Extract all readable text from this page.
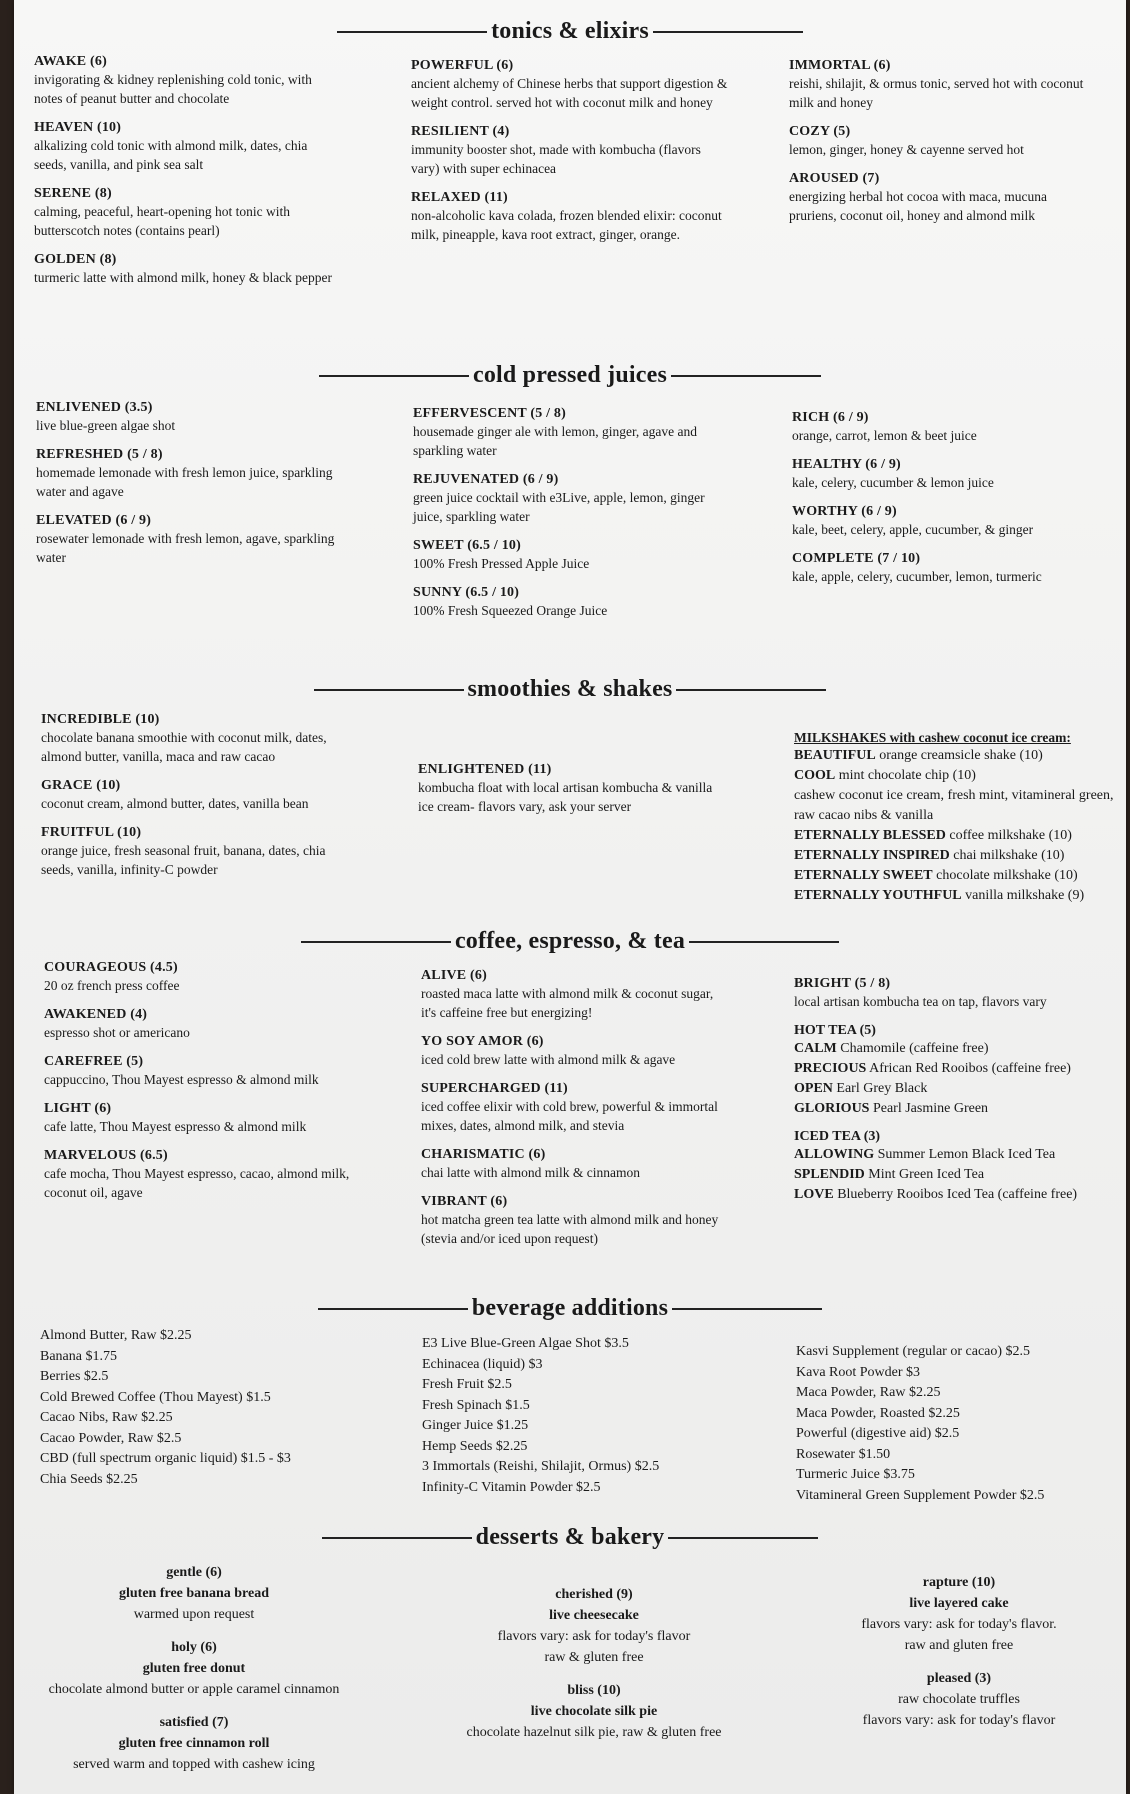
tonics & elixirs
AWAKE (6)
invigorating & kidney replenishing cold tonic, with notes of peanut butter and chocolate
HEAVEN (10)
alkalizing cold tonic with almond milk, dates, chia seeds, vanilla, and pink sea salt
SERENE (8)
calming, peaceful, heart-opening hot tonic with butterscotch notes (contains pearl)
GOLDEN (8)
turmeric latte with almond milk, honey & black pepper
POWERFUL (6)
ancient alchemy of Chinese herbs that support digestion & weight control. served hot with coconut milk and honey
RESILIENT (4)
immunity booster shot, made with kombucha (flavors vary) with super echinacea
RELAXED (11)
non-alcoholic kava colada, frozen blended elixir: coconut milk, pineapple, kava root extract, ginger, orange.
IMMORTAL (6)
reishi, shilajit, & ormus tonic, served hot with coconut milk and honey
COZY (5)
lemon, ginger, honey & cayenne served hot
AROUSED (7)
energizing herbal hot cocoa with maca, mucuna pruriens, coconut oil, honey and almond milk
cold pressed juices
ENLIVENED (3.5)
live blue-green algae shot
REFRESHED (5 / 8)
homemade lemonade with fresh lemon juice, sparkling water and agave
ELEVATED (6 / 9)
rosewater lemonade with fresh lemon, agave, sparkling water
EFFERVESCENT (5 / 8)
housemade ginger ale with lemon, ginger, agave and sparkling water
REJUVENATED (6 / 9)
green juice cocktail with e3Live, apple, lemon, ginger juice, sparkling water
SWEET (6.5 / 10)
100% Fresh Pressed Apple Juice
SUNNY (6.5 / 10)
100% Fresh Squeezed Orange Juice
RICH (6 / 9)
orange, carrot, lemon & beet juice
HEALTHY (6 / 9)
kale, celery, cucumber & lemon juice
WORTHY (6 / 9)
kale, beet, celery, apple, cucumber, & ginger
COMPLETE (7 / 10)
kale, apple, celery, cucumber, lemon, turmeric
smoothies & shakes
INCREDIBLE (10)
chocolate banana smoothie with coconut milk, dates, almond butter, vanilla, maca and raw cacao
GRACE (10)
coconut cream, almond butter, dates, vanilla bean
FRUITFUL (10)
orange juice, fresh seasonal fruit, banana, dates, chia seeds, vanilla, infinity-C powder
ENLIGHTENED (11)
kombucha float with local artisan kombucha & vanilla ice cream- flavors vary, ask your server
MILKSHAKES with cashew coconut ice cream:
BEAUTIFUL orange creamsicle shake (10)
COOL mint chocolate chip (10)
cashew coconut ice cream, fresh mint, vitamineral green, raw cacao nibs & vanilla
ETERNALLY BLESSED coffee milkshake (10)
ETERNALLY INSPIRED chai milkshake (10)
ETERNALLY SWEET chocolate milkshake (10)
ETERNALLY YOUTHFUL vanilla milkshake (9)
coffee, espresso, & tea
COURAGEOUS (4.5)
20 oz french press coffee
AWAKENED (4)
espresso shot or americano
CAREFREE (5)
cappuccino, Thou Mayest espresso & almond milk
LIGHT (6)
cafe latte, Thou Mayest espresso & almond milk
MARVELOUS (6.5)
cafe mocha, Thou Mayest espresso, cacao, almond milk, coconut oil, agave
ALIVE (6)
roasted maca latte with almond milk & coconut sugar, it's caffeine free but energizing!
YO SOY AMOR (6)
iced cold brew latte with almond milk & agave
SUPERCHARGED (11)
iced coffee elixir with cold brew, powerful & immortal mixes, dates, almond milk, and stevia
CHARISMATIC (6)
chai latte with almond milk & cinnamon
VIBRANT (6)
hot matcha green tea latte with almond milk and honey (stevia and/or iced upon request)
BRIGHT (5 / 8)
local artisan kombucha tea on tap, flavors vary
HOT TEA (5)
CALM Chamomile (caffeine free)
PRECIOUS African Red Rooibos (caffeine free)
OPEN Earl Grey Black
GLORIOUS Pearl Jasmine Green
ICED TEA (3)
ALLOWING Summer Lemon Black Iced Tea
SPLENDID Mint Green Iced Tea
LOVE Blueberry Rooibos Iced Tea (caffeine free)
beverage additions
Almond Butter, Raw $2.25
Banana $1.75
Berries $2.5
Cold Brewed Coffee (Thou Mayest) $1.5
Cacao Nibs, Raw $2.25
Cacao Powder, Raw $2.5
CBD (full spectrum organic liquid) $1.5 - $3
Chia Seeds $2.25
E3 Live Blue-Green Algae Shot $3.5
Echinacea (liquid) $3
Fresh Fruit $2.5
Fresh Spinach $1.5
Ginger Juice $1.25
Hemp Seeds $2.25
3 Immortals (Reishi, Shilajit, Ormus) $2.5
Infinity-C Vitamin Powder $2.5
Kasvi Supplement (regular or cacao) $2.5
Kava Root Powder $3
Maca Powder, Raw $2.25
Maca Powder, Roasted $2.25
Powerful (digestive aid) $2.5
Rosewater $1.50
Turmeric Juice $3.75
Vitamineral Green Supplement Powder $2.5
desserts & bakery
gentle (6)
gluten free banana bread
warmed upon request
holy (6)
gluten free donut
chocolate almond butter or apple caramel cinnamon
satisfied (7)
gluten free cinnamon roll
served warm and topped with cashew icing
cherished (9)
live cheesecake
flavors vary: ask for today's flavor
raw & gluten free
bliss (10)
live chocolate silk pie
chocolate hazelnut silk pie, raw & gluten free
rapture (10)
live layered cake
flavors vary: ask for today's flavor.
raw and gluten free
pleased (3)
raw chocolate truffles
flavors vary: ask for today's flavor
